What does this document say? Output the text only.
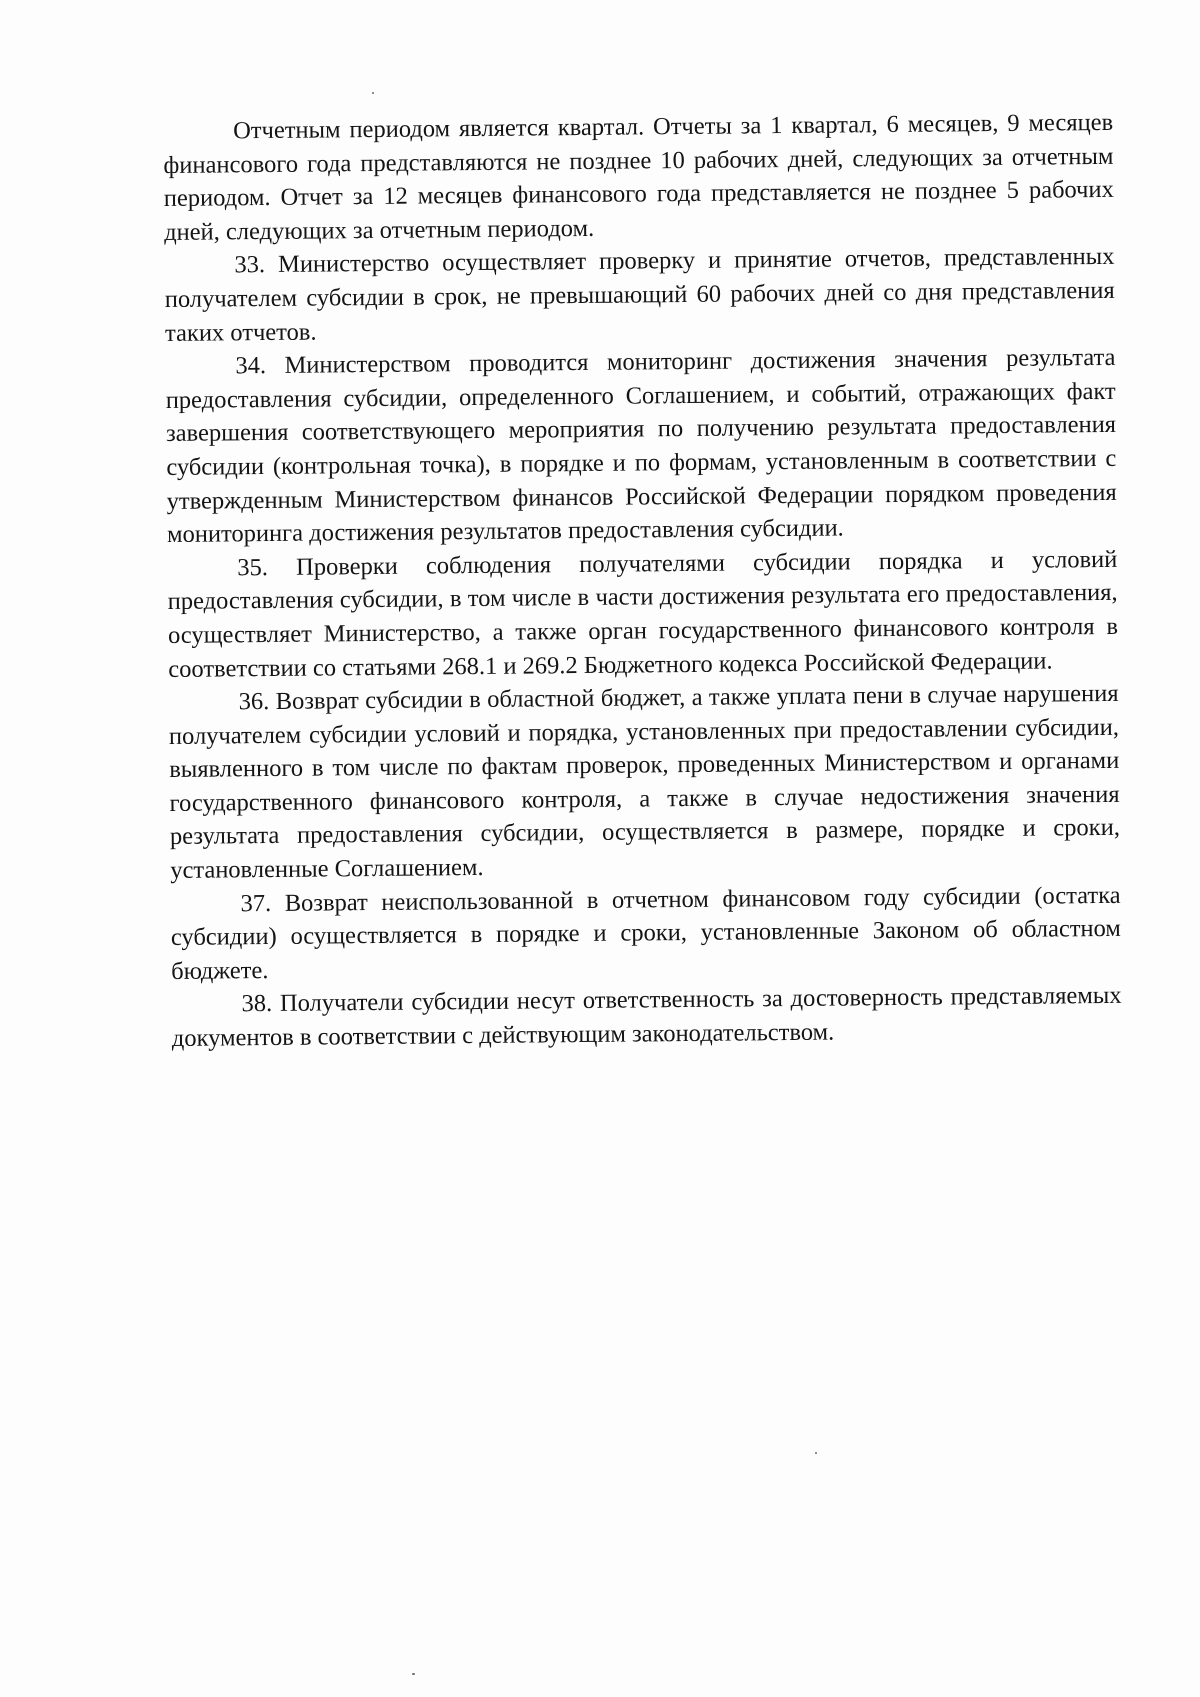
Отчетным периодом является квартал. Отчеты за 1 квартал, 6 месяцев, 9 месяцев финансового года представляются не позднее 10 рабочих дней, следующих за отчетным периодом. Отчет за 12 месяцев финансового года представляется не позднее 5 рабочих дней, следующих за отчетным периодом.

33. Министерство осуществляет проверку и принятие отчетов, представленных получателем субсидии в срок, не превышающий 60 рабочих дней со дня представления таких отчетов.

34. Министерством проводится мониторинг достижения значения результата предоставления субсидии, определенного Соглашением, и событий, отражающих факт завершения соответствующего мероприятия по получению результата предоставления субсидии (контрольная точка), в порядке и по формам, установленным в соответствии с утвержденным Министерством финансов Российской Федерации порядком проведения мониторинга достижения результатов предоставления субсидии.

35. Проверки соблюдения получателями субсидии порядка и условий предоставления субсидии, в том числе в части достижения результата его предоставления, осуществляет Министерство, а также орган государственного финансового контроля в соответствии со статьями 268.1 и 269.2 Бюджетного кодекса Российской Федерации.

36. Возврат субсидии в областной бюджет, а также уплата пени в случае нарушения получателем субсидии условий и порядка, установленных при предоставлении субсидии, выявленного в том числе по фактам проверок, проведенных Министерством и органами государственного финансового контроля, а также в случае недостижения значения результата предоставления субсидии, осуществляется в размере, порядке и сроки, установленные Соглашением.

37. Возврат неиспользованной в отчетном финансовом году субсидии (остатка субсидии) осуществляется в порядке и сроки, установленные Законом об областном бюджете.

38. Получатели субсидии несут ответственность за достоверность представляемых документов в соответствии с действующим законодательством.
